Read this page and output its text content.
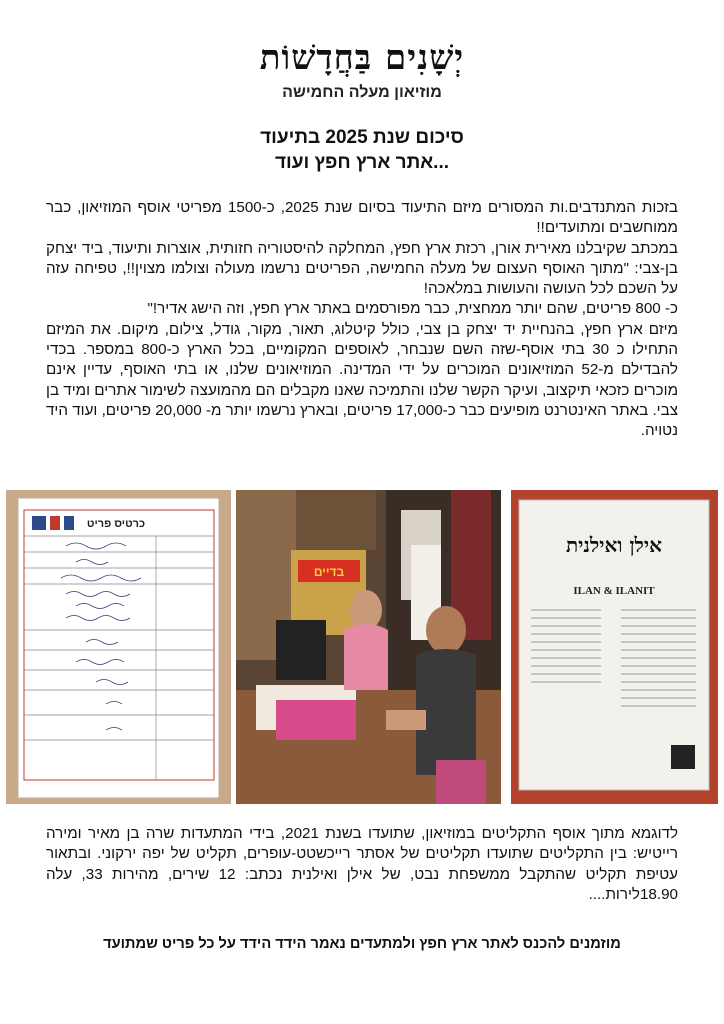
יְשָׁנִים בַּחֲדָשׁוֹת
מוזיאון מעלה החמישה
סיכום שנת 2025 בתיעוד
אתר ארץ חפץ ועוד...

בזכות המתנדבים.ות המסורים מיזם התיעוד בסיום שנת 2025, כ-1500 מפריטי אוסף המוזיאון, כבר ממוחשבים ומתועדים!!

במכתב שקיבלנו מאירית אורן, רכזת ארץ חפץ, המחלקה להיסטוריה חזותית, אוצרות ותיעוד, ביד יצחק בן-צבי: "מתוך האוסף העצום של מעלה החמישה, הפריטים נרשמו מעולה וצולמו מצוין!!, טפיחה עזה על השכם לכל העושה והעושות במלאכה!

כ- 800 פריטים, שהם יותר ממחצית, כבר מפורסמים באתר ארץ חפץ, וזה הישג אדיר!"

מיזם ארץ חפץ, בהנחיית יד יצחק בן צבי, כולל קיטלוג, תאור, מקור, גודל, צילום, מיקום. את המיזם התחילו כ 30 בתי אוסף-שזה השם שנבחר, לאוספים המקומיים, בכל הארץ כ-800 במספר. בכדי להבדילם מ-52 המוזיאונים המוכרים על ידי המדינה. המוזיאונים שלנו, או בתי האוסף, עדיין אינם מוכרים כזכאי תיקצוב, ועיקר הקשר שלנו והתמיכה שאנו מקבלים הם מהמועצה לשימור אתרים ומיד בן צבי. באתר האינטרנט מופיעים כבר כ-17,000 פריטים, ובארץ נרשמו יותר מ- 20,000 פריטים, ועוד היד נטויה.

כרטיס פריט
בדיים
אילן ואילנית
ILAN & ILANIT

לדוגמא מתוך אוסף התקליטים במוזיאון, שתועדו בשנת 2021, בידי המתעדות שרה בן מאיר ומירה רייטיש: בין התקליטים שתועדו תקליטים של אסתר רייכשטט-עופרים, תקליט של יפה ירקוני. ובתאור עטיפת תקליט שהתקבל ממשפחת נבט, של אילן ואילנית נכתב: 12 שירים, מהירות 33, עלה 18.90לירות....

מוזמנים להכנס לאתר ארץ חפץ ולמתעדים נאמר הידד הידד על כל פריט שמתועד
